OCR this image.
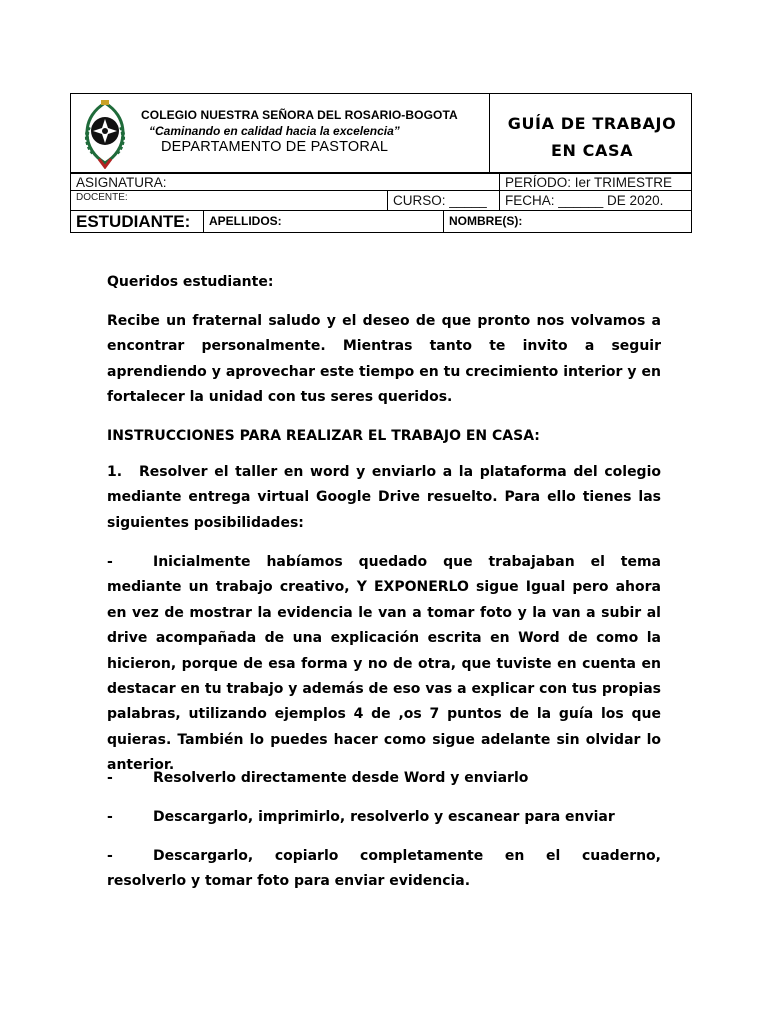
COLEGIO NUESTRA SEÑORA DEL ROSARIO-BOGOTA
“Caminando en calidad hacia la excelencia”
DEPARTAMENTO DE PASTORAL
GUÍA DE TRABAJO
EN CASA
ASIGNATURA:	PERÍODO: Ier TRIMESTRE
DOCENTE:	CURSO: _____	FECHA: ______ DE 2020.
ESTUDIANTE:	APELLIDOS:	NOMBRE(S):
Queridos estudiante:
Recibe un fraternal saludo y el deseo de que pronto nos volvamos a encontrar personalmente. Mientras tanto te invito a seguir aprendiendo y aprovechar este tiempo en tu crecimiento interior y en fortalecer la unidad con tus seres queridos.
INSTRUCCIONES PARA REALIZAR EL TRABAJO EN CASA:
1. Resolver el taller en word y enviarlo a la plataforma del colegio mediante entrega virtual Google Drive resuelto. Para ello tienes las siguientes posibilidades:
-	Inicialmente habíamos quedado que trabajaban el tema mediante un trabajo creativo, Y EXPONERLO sigue Igual pero ahora en vez de mostrar la evidencia le van a tomar foto y la van a subir al drive acompañada de una explicación escrita en Word de como la hicieron, porque de esa forma y no de otra, que tuviste en cuenta en destacar en tu trabajo y además de eso vas a explicar con tus propias palabras, utilizando ejemplos 4 de ,os 7 puntos de la guía los que quieras. También lo puedes hacer como sigue adelante sin olvidar lo anterior.
-	Resolverlo directamente desde Word y enviarlo
-	Descargarlo, imprimirlo, resolverlo y escanear para enviar
-	Descargarlo, copiarlo completamente en el cuaderno, resolverlo y tomar foto para enviar evidencia.
